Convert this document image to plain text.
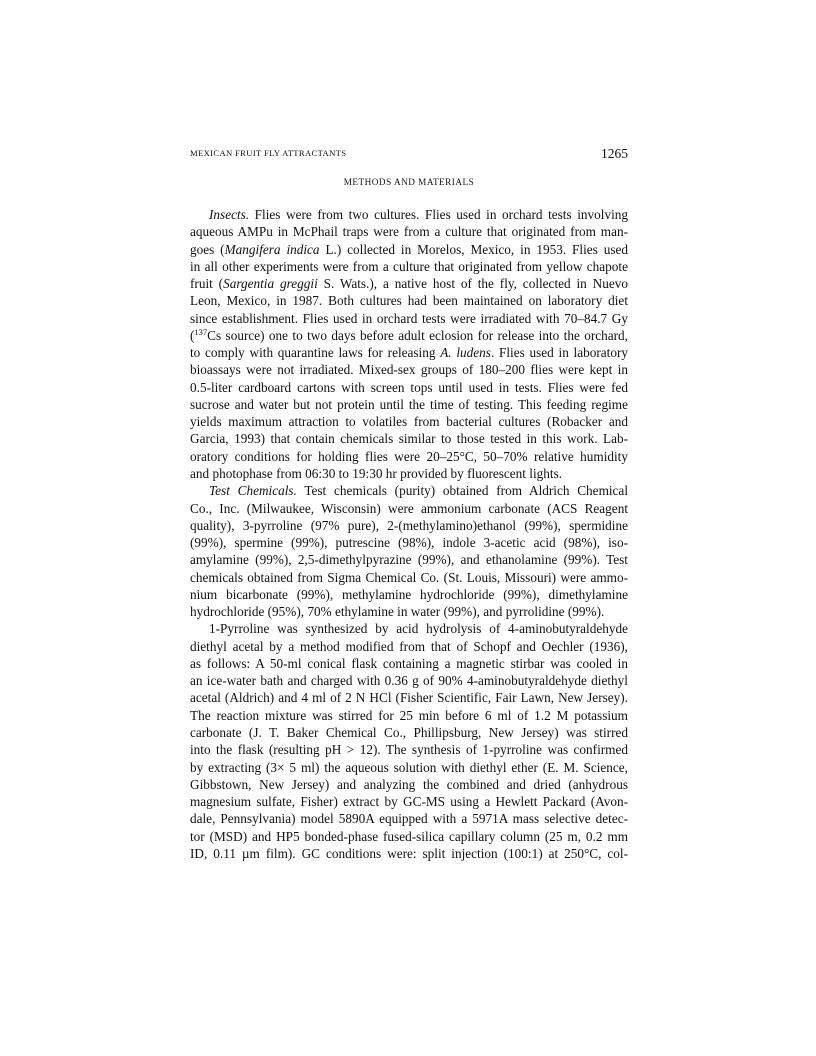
MEXICAN FRUIT FLY ATTRACTANTS	1265
METHODS AND MATERIALS
Insects. Flies were from two cultures. Flies used in orchard tests involving
aqueous AMPu in McPhail traps were from a culture that originated from man-
goes (Mangifera indica L.) collected in Morelos, Mexico, in 1953. Flies used
in all other experiments were from a culture that originated from yellow chapote
fruit (Sargentia greggii S. Wats.), a native host of the fly, collected in Nuevo
Leon, Mexico, in 1987. Both cultures had been maintained on laboratory diet
since establishment. Flies used in orchard tests were irradiated with 70–84.7 Gy
($^{137}$Cs source) one to two days before adult eclosion for release into the orchard,
to comply with quarantine laws for releasing A. ludens. Flies used in laboratory
bioassays were not irradiated. Mixed-sex groups of 180–200 flies were kept in
0.5-liter cardboard cartons with screen tops until used in tests. Flies were fed
sucrose and water but not protein until the time of testing. This feeding regime
yields maximum attraction to volatiles from bacterial cultures (Robacker and
Garcia, 1993) that contain chemicals similar to those tested in this work. Lab-
oratory conditions for holding flies were 20–25°C, 50–70% relative humidity
and photophase from 06:30 to 19:30 hr provided by fluorescent lights.
Test Chemicals. Test chemicals (purity) obtained from Aldrich Chemical
Co., Inc. (Milwaukee, Wisconsin) were ammonium carbonate (ACS Reagent
quality), 3-pyrroline (97% pure), 2-(methylamino)ethanol (99%), spermidine
(99%), spermine (99%), putrescine (98%), indole 3-acetic acid (98%), iso-
amylamine (99%), 2,5-dimethylpyrazine (99%), and ethanolamine (99%). Test
chemicals obtained from Sigma Chemical Co. (St. Louis, Missouri) were ammo-
nium bicarbonate (99%), methylamine hydrochloride (99%), dimethylamine
hydrochloride (95%), 70% ethylamine in water (99%), and pyrrolidine (99%).
1-Pyrroline was synthesized by acid hydrolysis of 4-aminobutyraldehyde
diethyl acetal by a method modified from that of Schopf and Oechler (1936),
as follows: A 50-ml conical flask containing a magnetic stirbar was cooled in
an ice-water bath and charged with 0.36 g of 90% 4-aminobutyraldehyde diethyl
acetal (Aldrich) and 4 ml of 2 N HCl (Fisher Scientific, Fair Lawn, New Jersey).
The reaction mixture was stirred for 25 min before 6 ml of 1.2 M potassium
carbonate (J. T. Baker Chemical Co., Phillipsburg, New Jersey) was stirred
into the flask (resulting pH > 12). The synthesis of 1-pyrroline was confirmed
by extracting (3× 5 ml) the aqueous solution with diethyl ether (E. M. Science,
Gibbstown, New Jersey) and analyzing the combined and dried (anhydrous
magnesium sulfate, Fisher) extract by GC-MS using a Hewlett Packard (Avon-
dale, Pennsylvania) model 5890A equipped with a 5971A mass selective detec-
tor (MSD) and HP5 bonded-phase fused-silica capillary column (25 m, 0.2 mm
ID, 0.11 µm film). GC conditions were: split injection (100:1) at 250°C, col-
